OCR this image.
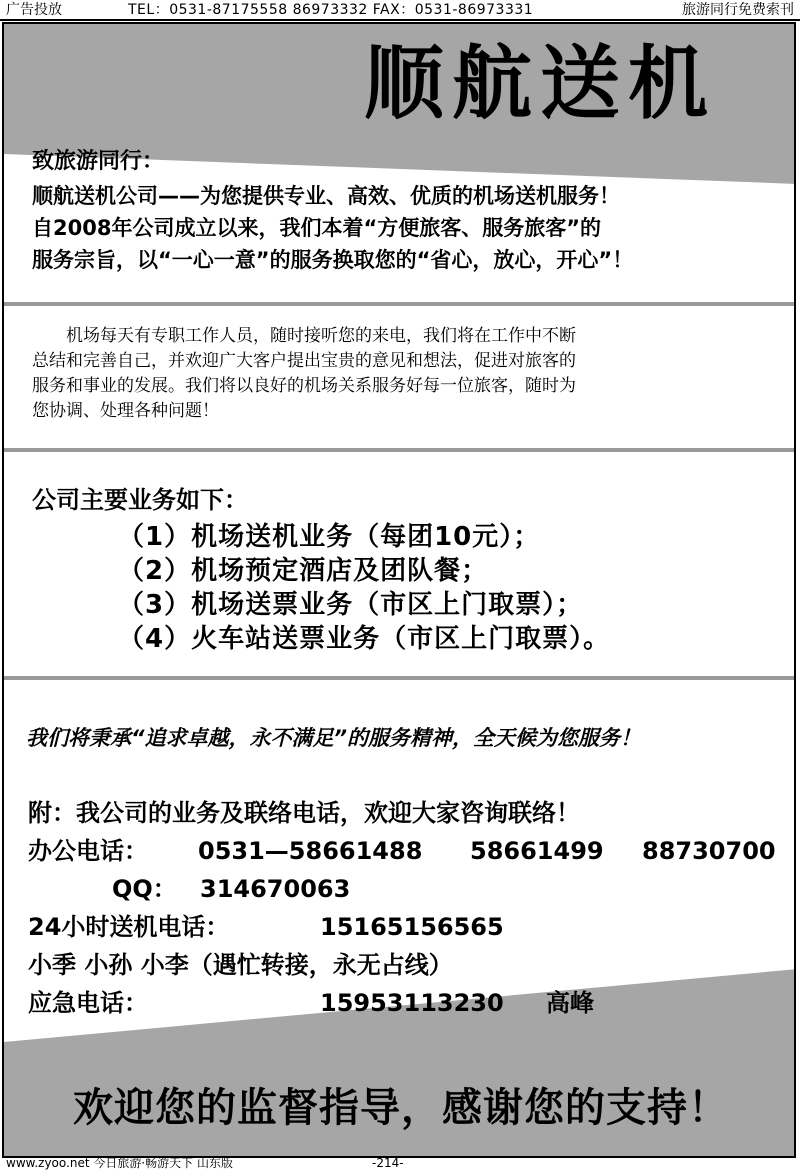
广告投放	TEL：0531-87175558 86973332 FAX：0531-86973331	旅游同行免费索刊
顺航送机
致旅游同行：
顺航送机公司——为您提供专业、高效、优质的机场送机服务！
自2008年公司成立以来，我们本着“方便旅客、服务旅客”的
服务宗旨，以“一心一意”的服务换取您的“省心，放心，开心”！
　　机场每天有专职工作人员，随时接听您的来电，我们将在工作中不断
总结和完善自己，并欢迎广大客户提出宝贵的意见和想法，促进对旅客的
服务和事业的发展。我们将以良好的机场关系服务好每一位旅客，随时为
您协调、处理各种问题！
公司主要业务如下：
（1）机场送机业务（每团10元）；
（2）机场预定酒店及团队餐；
（3）机场送票业务（市区上门取票）；
（4）火车站送票业务（市区上门取票）。
我们将秉承“追求卓越，永不满足”的服务精神，全天候为您服务！
附：我公司的业务及联络电话，欢迎大家咨询联络！
办公电话： 0531—58661488 58661499 88730700
QQ： 314670063
24小时送机电话：	15165156565
小季 小孙 小李（遇忙转接，永无占线）
应急电话：	15953113230 高峰
欢迎您的监督指导，感谢您的支持！
www.zyoo.net 今日旅游·畅游天下 山东版	-214-
